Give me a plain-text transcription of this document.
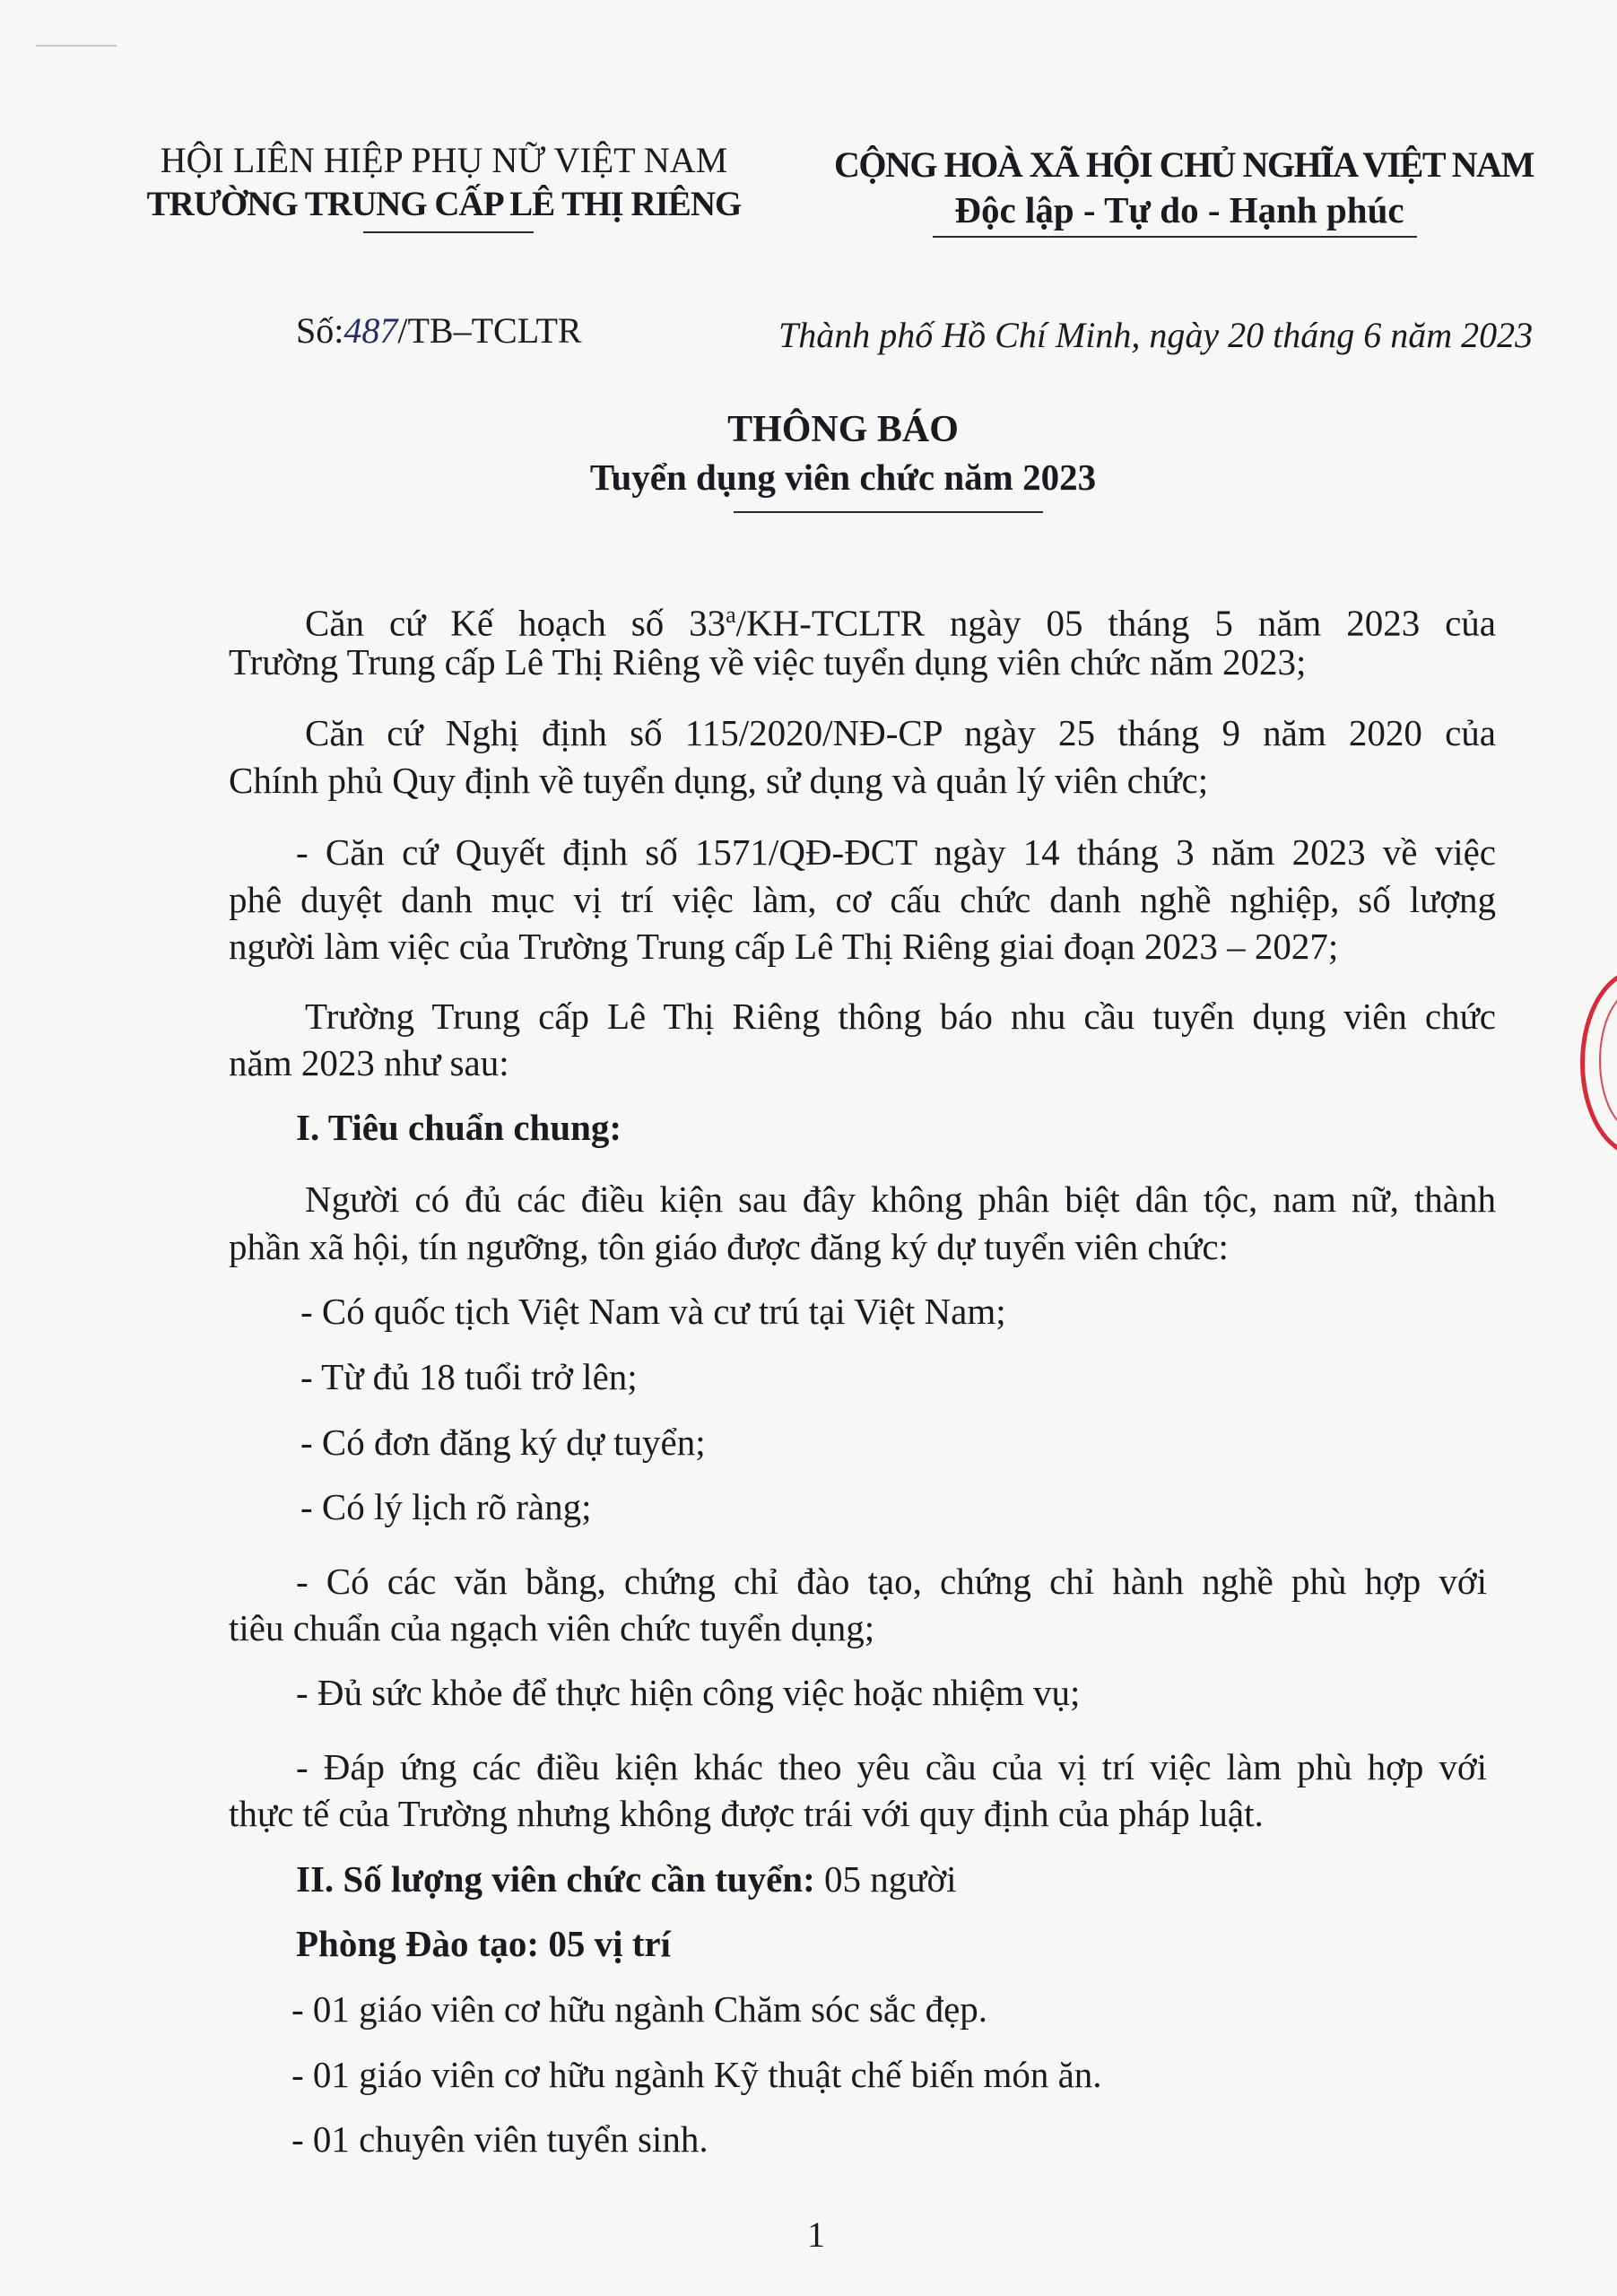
HỘI LIÊN HIỆP PHỤ NỮ VIỆT NAM
TRƯỜNG TRUNG CẤP LÊ THỊ RIÊNG
CỘNG HOÀ XÃ HỘI CHỦ NGHĨA VIỆT NAM
Độc lập - Tự do - Hạnh phúc
Số:487/TB–TCLTR	Thành phố Hồ Chí Minh, ngày 20 tháng 6 năm 2023
THÔNG BÁO
Tuyển dụng viên chức năm 2023
Căn cứ Kế hoạch số 33$^a$/KH-TCLTR ngày 05 tháng 5 năm 2023 của
Trường Trung cấp Lê Thị Riêng về việc tuyển dụng viên chức năm 2023;
Căn cứ Nghị định số 115/2020/NĐ-CP ngày 25 tháng 9 năm 2020 của
Chính phủ Quy định về tuyển dụng, sử dụng và quản lý viên chức;
- Căn cứ Quyết định số 1571/QĐ-ĐCT ngày 14 tháng 3 năm 2023 về việc
phê duyệt danh mục vị trí việc làm, cơ cấu chức danh nghề nghiệp, số lượng
người làm việc của Trường Trung cấp Lê Thị Riêng giai đoạn 2023 – 2027;
Trường Trung cấp Lê Thị Riêng thông báo nhu cầu tuyển dụng viên chức
năm 2023 như sau:
I. Tiêu chuẩn chung:
Người có đủ các điều kiện sau đây không phân biệt dân tộc, nam nữ, thành
phần xã hội, tín ngưỡng, tôn giáo được đăng ký dự tuyển viên chức:
- Có quốc tịch Việt Nam và cư trú tại Việt Nam;
- Từ đủ 18 tuổi trở lên;
- Có đơn đăng ký dự tuyển;
- Có lý lịch rõ ràng;
- Có các văn bằng, chứng chỉ đào tạo, chứng chỉ hành nghề phù hợp với
tiêu chuẩn của ngạch viên chức tuyển dụng;
- Đủ sức khỏe để thực hiện công việc hoặc nhiệm vụ;
- Đáp ứng các điều kiện khác theo yêu cầu của vị trí việc làm phù hợp với
thực tế của Trường nhưng không được trái với quy định của pháp luật.
II. Số lượng viên chức cần tuyển: 05 người
Phòng Đào tạo: 05 vị trí
- 01 giáo viên cơ hữu ngành Chăm sóc sắc đẹp.
- 01 giáo viên cơ hữu ngành Kỹ thuật chế biến món ăn.
- 01 chuyên viên tuyển sinh.
1
